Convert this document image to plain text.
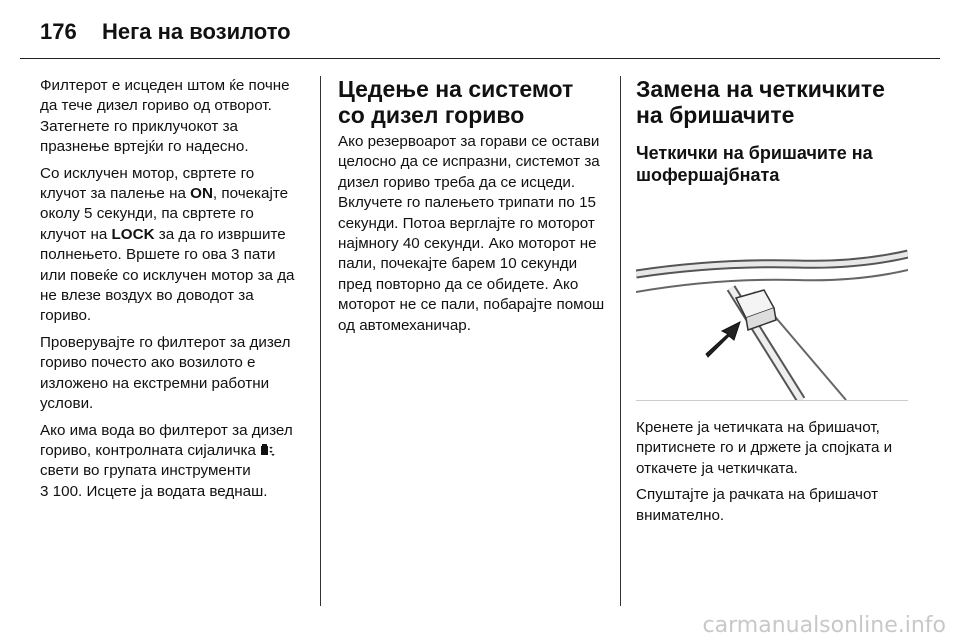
176	Нега на возилото

Филтерот е исцеден штом ќе почне да тече дизел гориво од отворот. Затегнете го приклучокот за празнење вртејќи го надесно.

Со исклучен мотор, свртете го клучот за палење на ON, почекајте околу 5 секунди, па свртете го клучот на LOCK за да го извршите полнењето. Вршете го ова 3 пати или повеќе со исклучен мотор за да не влезе воздух во доводот за гориво.

Проверувајте го филтерот за дизел гориво почесто ако возилото е изложено на екстремни работни услови.

Ако има вода во филтерот за дизел гориво, контролната сијаличка  свети во групата инструменти
3 100. Исцете ја водата веднаш.

Цедење на системот со дизел гориво

Ако резервоарот за горави се остави целосно да се испразни, системот за дизел гориво треба да се исцеди. Вклучете го палењето трипати по 15 секунди. Потоа верглајте го моторот најмногу 40 секунди. Ако моторот не пали, почекајте барем 10 секунди пред повторно да се обидете. Ако моторот не се пали, побарајте помош од автомеханичар.

Замена на четкичките на бришачите
Четкички на бришачите на шофершајбната

Кренете ја четичката на бришачот, притиснете го и држете ја спојката и откачете ја четкичката.

Спуштајте ја рачката на бришачот внимателно.

carmanualsonline.info
